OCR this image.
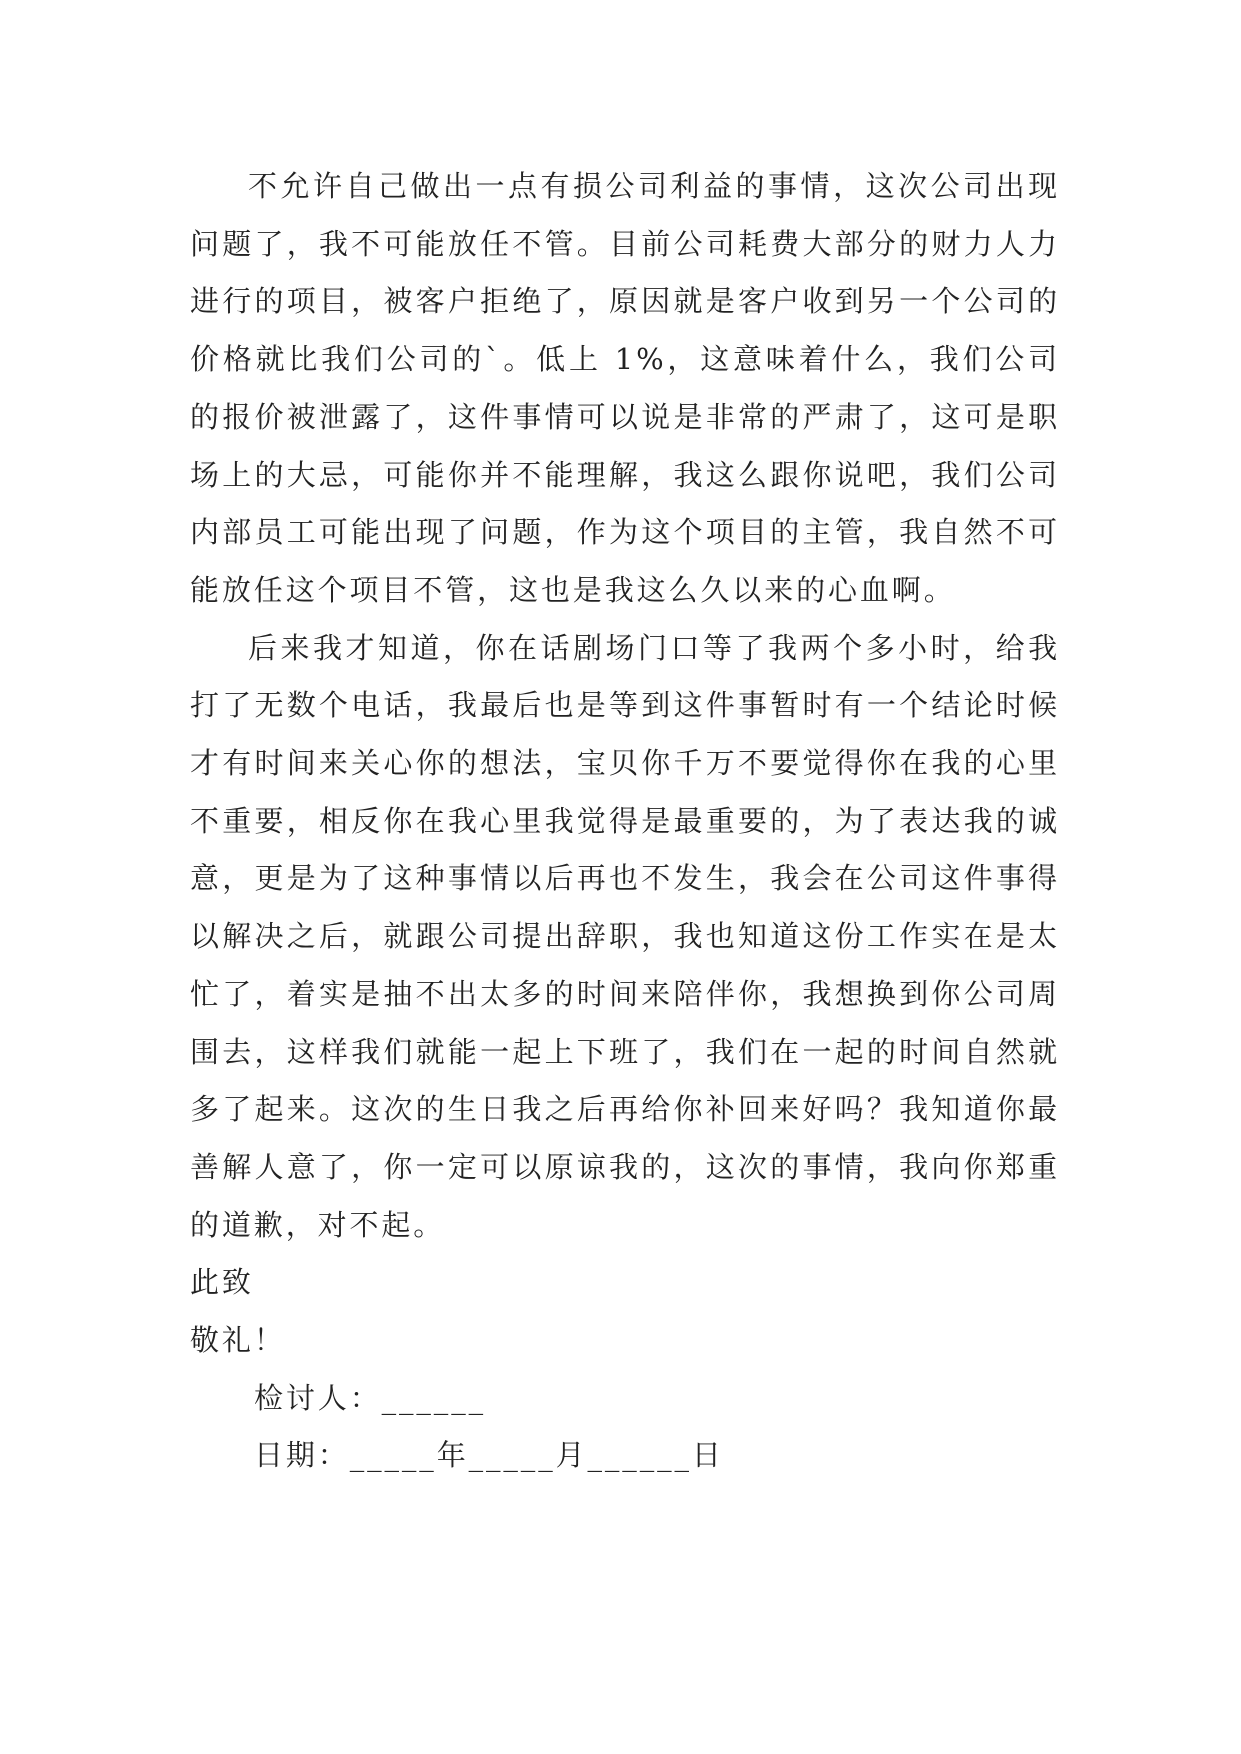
不允许自己做出一点有损公司利益的事情，这次公司出现问题了，我不可能放任不管。目前公司耗费大部分的财力人力进行的项目，被客户拒绝了，原因就是客户收到另一个公司的价格就比我们公司的`。低上 1%，这意味着什么，我们公司的报价被泄露了，这件事情可以说是非常的严肃了，这可是职场上的大忌，可能你并不能理解，我这么跟你说吧，我们公司内部员工可能出现了问题，作为这个项目的主管，我自然不可能放任这个项目不管，这也是我这么久以来的心血啊。

后来我才知道，你在话剧场门口等了我两个多小时，给我打了无数个电话，我最后也是等到这件事暂时有一个结论时候才有时间来关心你的想法，宝贝你千万不要觉得你在我的心里不重要，相反你在我心里我觉得是最重要的，为了表达我的诚意，更是为了这种事情以后再也不发生，我会在公司这件事得以解决之后，就跟公司提出辞职，我也知道这份工作实在是太忙了，着实是抽不出太多的时间来陪伴你，我想换到你公司周围去，这样我们就能一起上下班了，我们在一起的时间自然就多了起来。这次的生日我之后再给你补回来好吗？我知道你最善解人意了，你一定可以原谅我的，这次的事情，我向你郑重的道歉，对不起。

此致

敬礼！

检讨人：______

日期：_____年_____月______日
